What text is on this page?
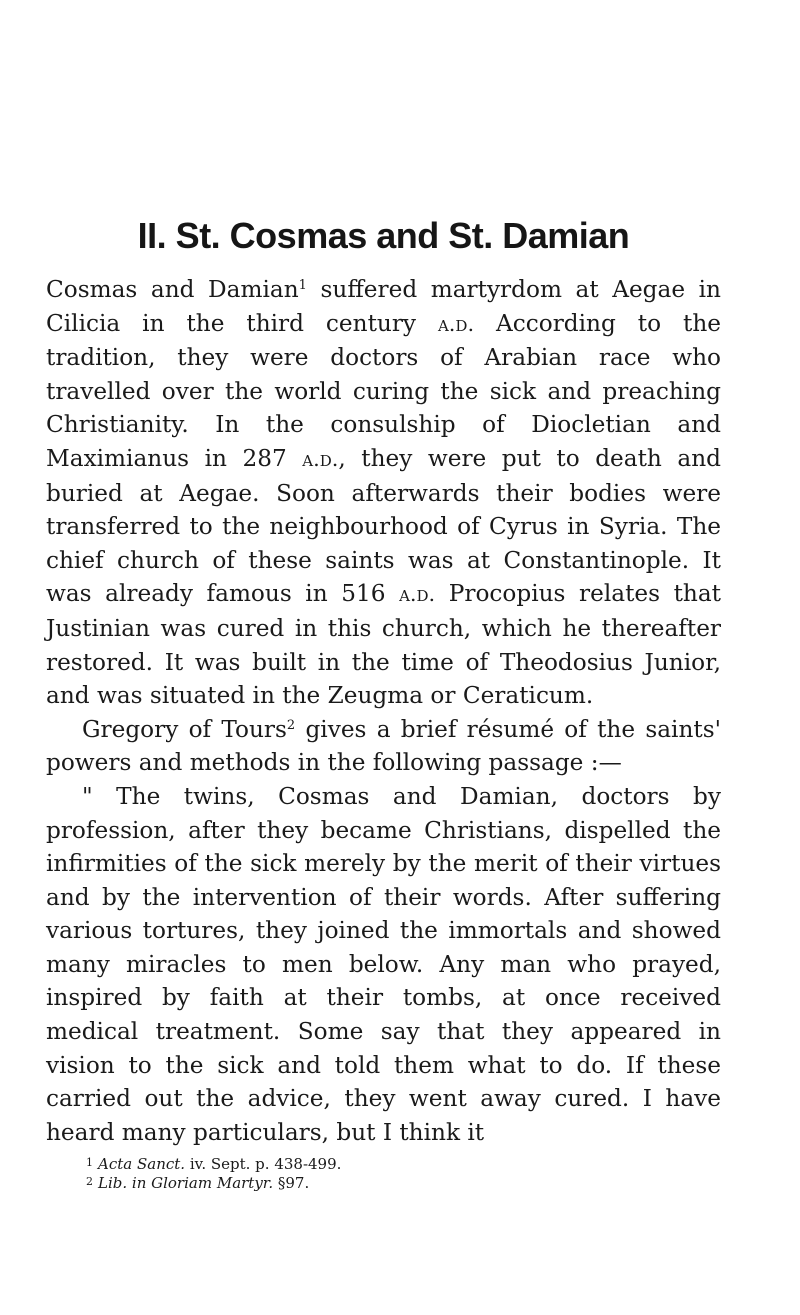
II. St. Cosmas and St. Damian

Cosmas and Damian$^1$ suffered martyrdom at Aegae in Cilicia in the third century a.d. According to the tradition, they were doctors of Arabian race who travelled over the world curing the sick and preaching Christianity. In the consulship of Diocletian and Maximianus in 287 a.d., they were put to death and buried at Aegae. Soon afterwards their bodies were transferred to the neighbourhood of Cyrus in Syria. The chief church of these saints was at Constantinople. It was already famous in 516 a.d. Procopius relates that Justinian was cured in this church, which he thereafter restored. It was built in the time of Theodosius Junior, and was situated in the Zeugma or Ceraticum.

Gregory of Tours$^2$ gives a brief résumé of the saints' powers and methods in the following passage :—

" The twins, Cosmas and Damian, doctors by profession, after they became Christians, dispelled the infirmities of the sick merely by the merit of their virtues and by the intervention of their words. After suffering various tortures, they joined the immortals and showed many miracles to men below. Any man who prayed, inspired by faith at their tombs, at once received medical treatment. Some say that they appeared in vision to the sick and told them what to do. If these carried out the advice, they went away cured. I have heard many particulars, but I think it

$^1$ Acta Sanct. iv. Sept. p. 438-499.

$^2$ Lib. in Gloriam Martyr. §97.
